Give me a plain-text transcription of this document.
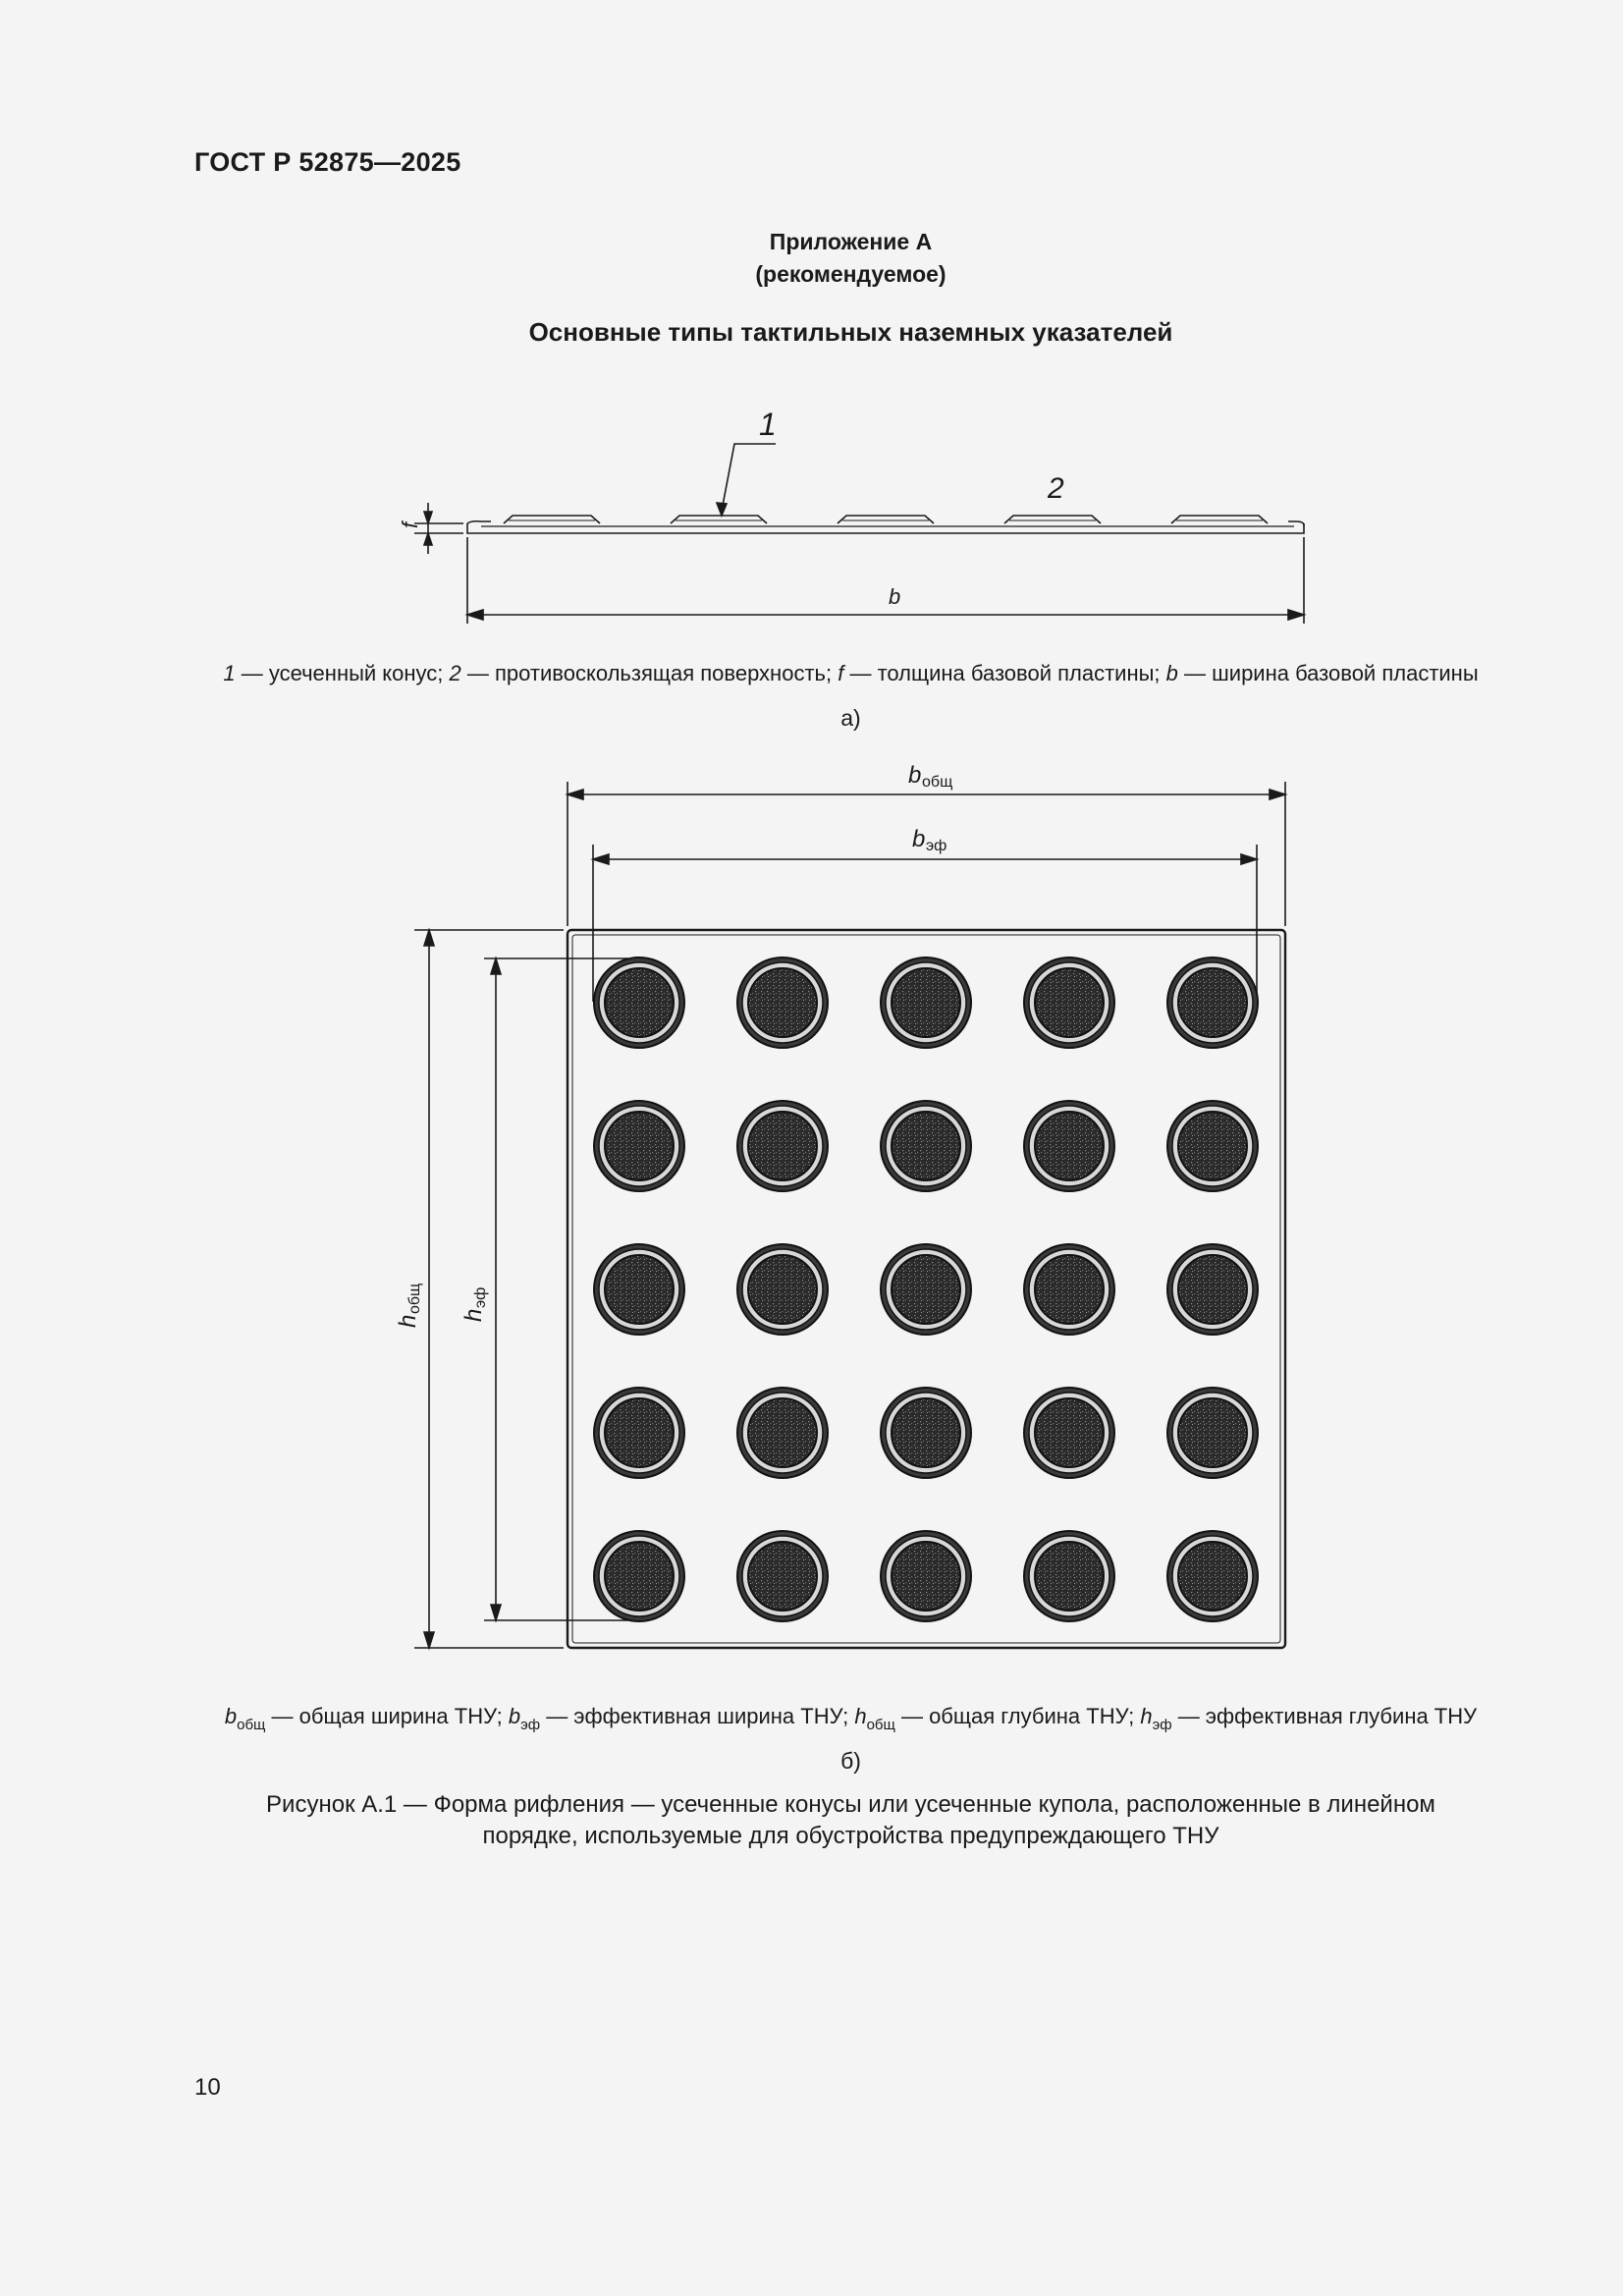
ГОСТ Р 52875—2025
Приложение А
(рекомендуемое)
Основные типы тактильных наземных указателей
1
2
f
b
1 — усеченный конус; 2 — противоскользящая поверхность; f — толщина базовой пластины; b — ширина базовой пластины
а)
b общ
b эф
h
общ
h
эф
$b_{общ}$ — общая ширина ТНУ; $b_{эф}$ — эффективная ширина ТНУ; $h_{общ}$ — общая глубина ТНУ; $h_{эф}$ — эффективная глубина ТНУ
б)
Рисунок А.1 — Форма рифления — усеченные конусы или усеченные купола, расположенные в линейном
порядке, используемые для обустройства предупреждающего ТНУ
10
